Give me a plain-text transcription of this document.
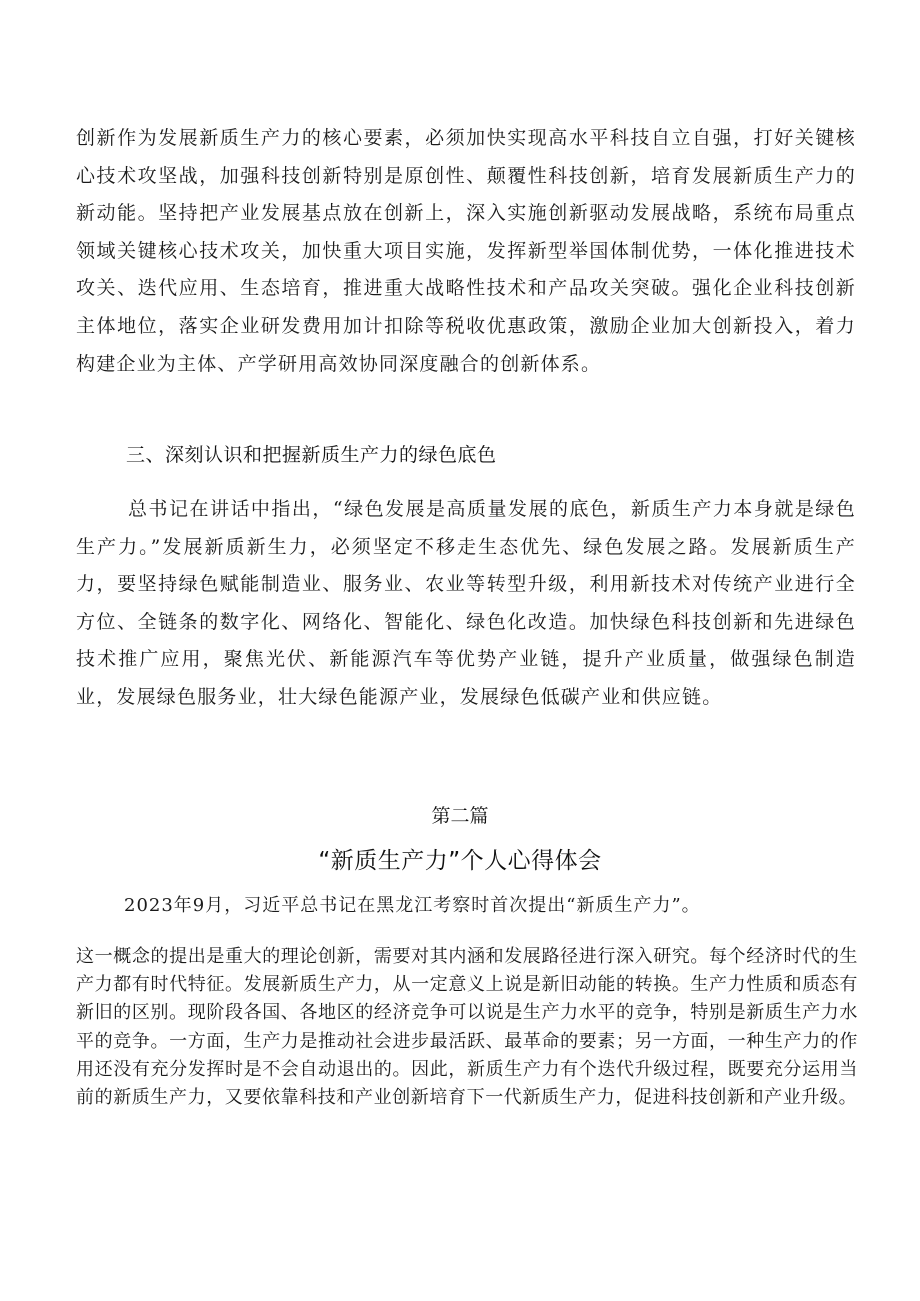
创新作为发展新质生产力的核心要素，必须加快实现高水平科技自立自强，打好关键核心技术攻坚战，加强科技创新特别是原创性、颠覆性科技创新，培育发展新质生产力的新动能。坚持把产业发展基点放在创新上，深入实施创新驱动发展战略，系统布局重点领域关键核心技术攻关，加快重大项目实施，发挥新型举国体制优势，一体化推进技术攻关、迭代应用、生态培育，推进重大战略性技术和产品攻关突破。强化企业科技创新主体地位，落实企业研发费用加计扣除等税收优惠政策，激励企业加大创新投入，着力构建企业为主体、产学研用高效协同深度融合的创新体系。

三、深刻认识和把握新质生产力的绿色底色

总书记在讲话中指出，“绿色发展是高质量发展的底色，新质生产力本身就是绿色生产力。”发展新质新生力，必须坚定不移走生态优先、绿色发展之路。发展新质生产力，要坚持绿色赋能制造业、服务业、农业等转型升级，利用新技术对传统产业进行全方位、全链条的数字化、网络化、智能化、绿色化改造。加快绿色科技创新和先进绿色技术推广应用，聚焦光伏、新能源汽车等优势产业链，提升产业质量，做强绿色制造业，发展绿色服务业，壮大绿色能源产业，发展绿色低碳产业和供应链。

第二篇
“新质生产力”个人心得体会

2023年9月，习近平总书记在黑龙江考察时首次提出“新质生产力”。

这一概念的提出是重大的理论创新，需要对其内涵和发展路径进行深入研究。每个经济时代的生产力都有时代特征。发展新质生产力，从一定意义上说是新旧动能的转换。生产力性质和质态有新旧的区别。现阶段各国、各地区的经济竞争可以说是生产力水平的竞争，特别是新质生产力水平的竞争。一方面，生产力是推动社会进步最活跃、最革命的要素；另一方面，一种生产力的作用还没有充分发挥时是不会自动退出的。因此，新质生产力有个迭代升级过程，既要充分运用当前的新质生产力，又要依靠科技和产业创新培育下一代新质生产力，促进科技创新和产业升级。
